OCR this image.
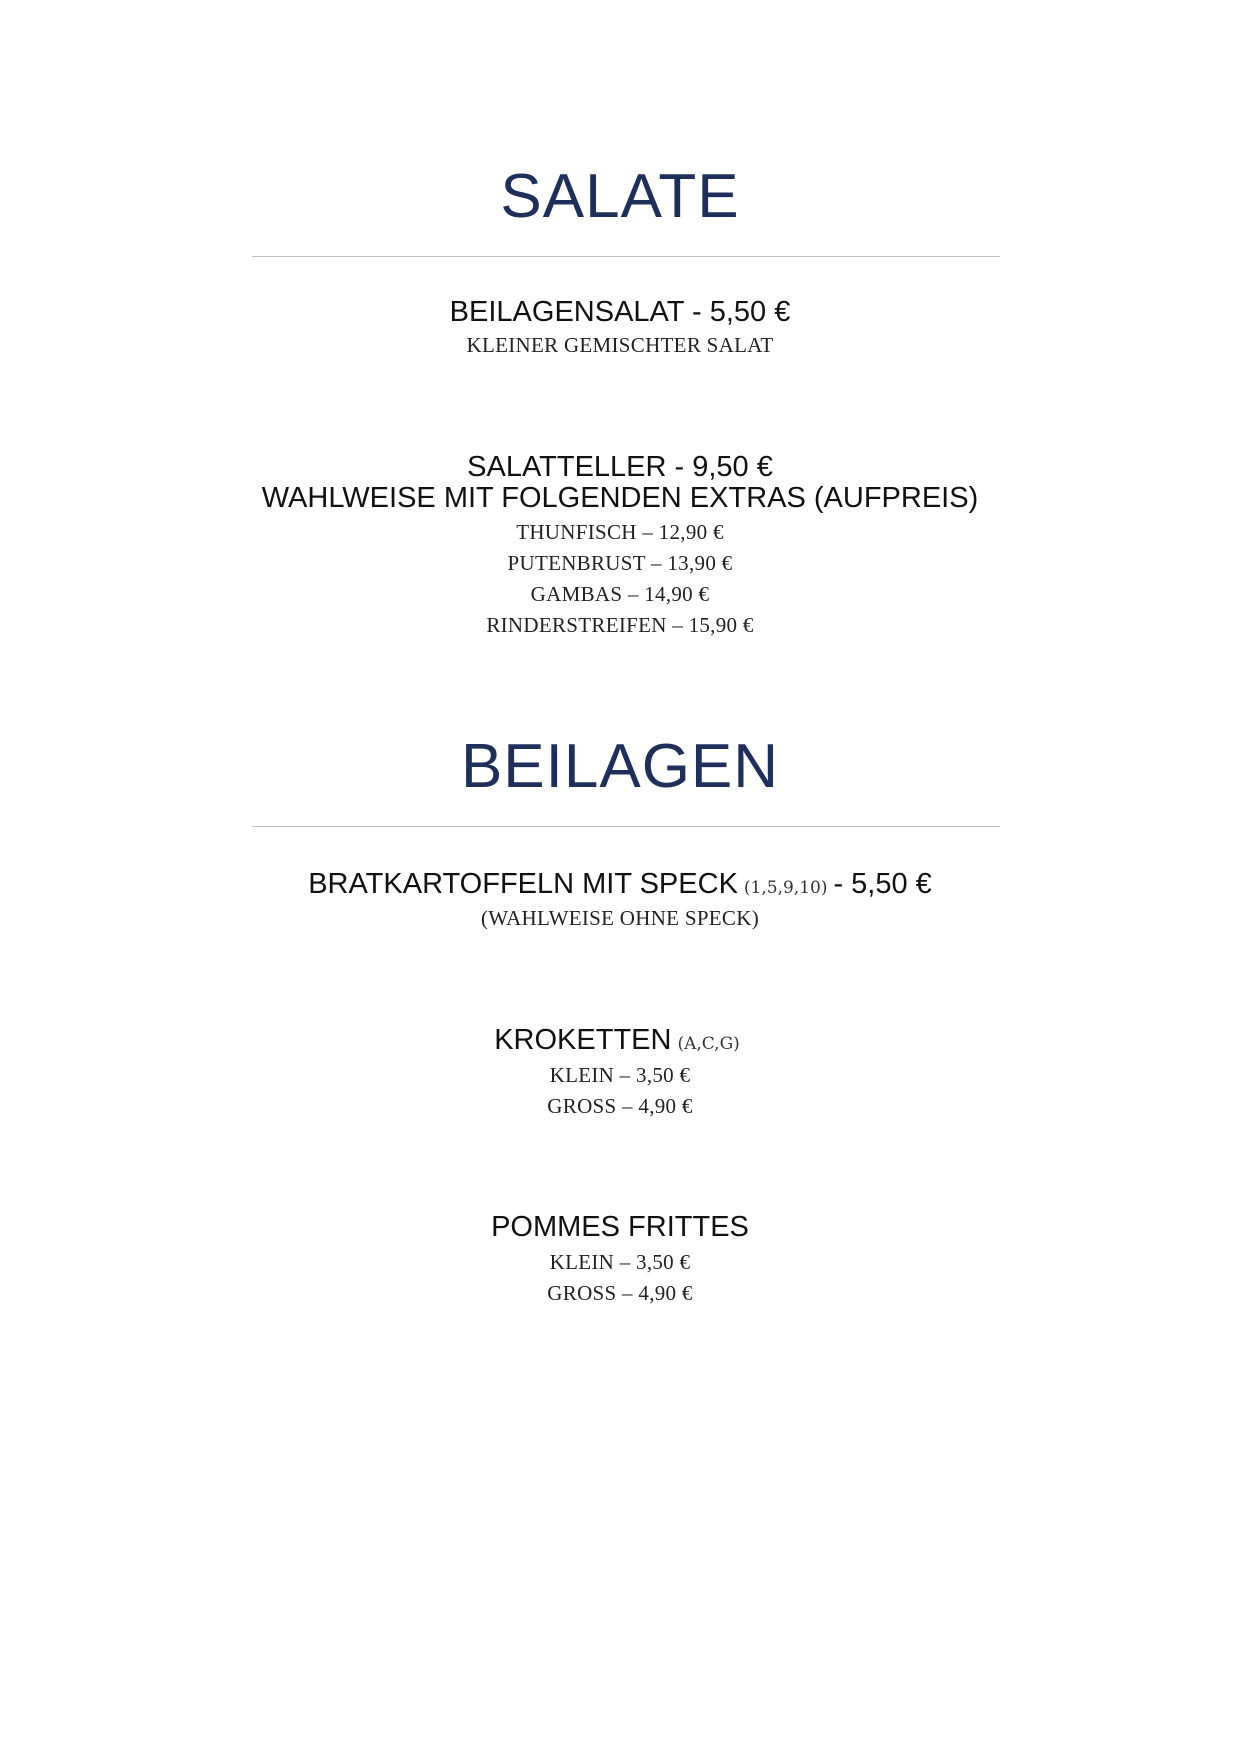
SALATE
BEILAGENSALAT - 5,50 €
KLEINER GEMISCHTER SALAT
SALATTELLER - 9,50 €
WAHLWEISE MIT FOLGENDEN EXTRAS (AUFPREIS)
THUNFISCH – 12,90 €
PUTENBRUST – 13,90 €
GAMBAS – 14,90 €
RINDERSTREIFEN – 15,90 €
BEILAGEN
BRATKARTOFFELN MIT SPECK (1,5,9,10) - 5,50 €
(WAHLWEISE OHNE SPECK)
KROKETTEN (A,C,G)
KLEIN – 3,50 €
GROSS – 4,90 €
POMMES FRITTES
KLEIN – 3,50 €
GROSS – 4,90 €
